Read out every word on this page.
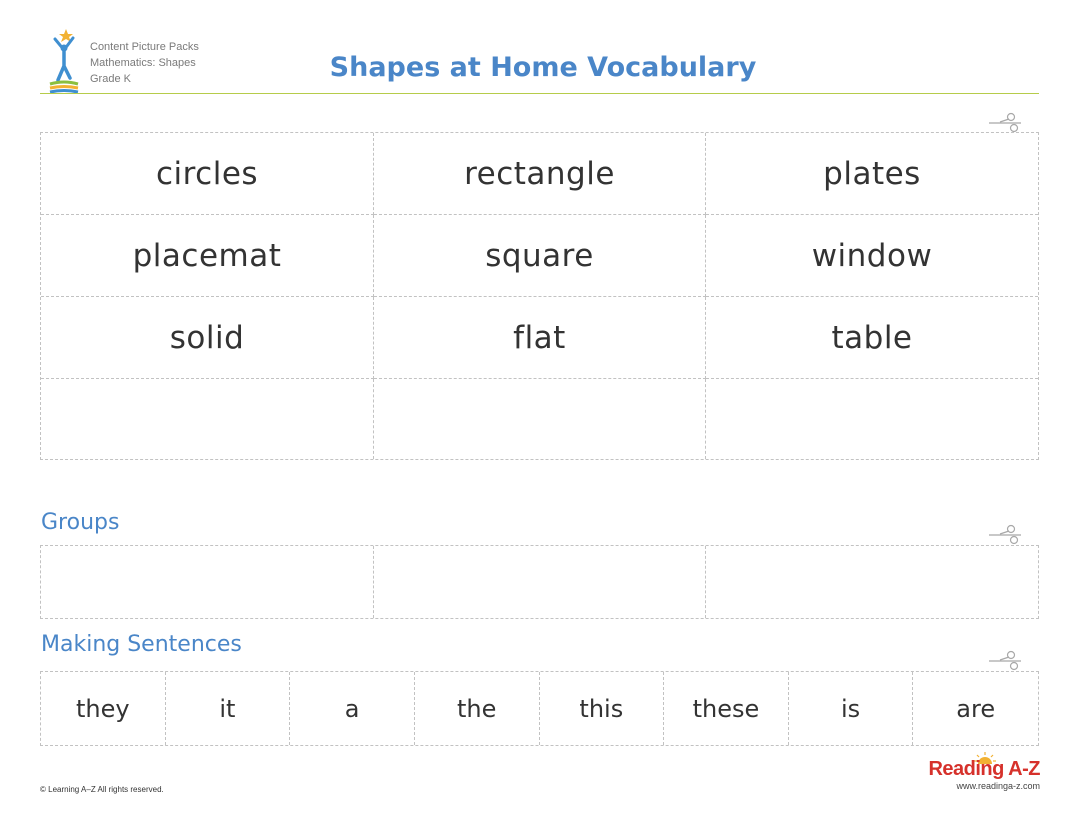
Content Picture Packs
Mathematics: Shapes
Grade K	Shapes at Home Vocabulary
circles	rectangle	plates
placemat	square	window
solid	flat	table
Groups
Making Sentences
they	it	a	the	this	these	is	are
© Learning A–Z All rights reserved.
Reading A-Z
www.readinga-z.com
